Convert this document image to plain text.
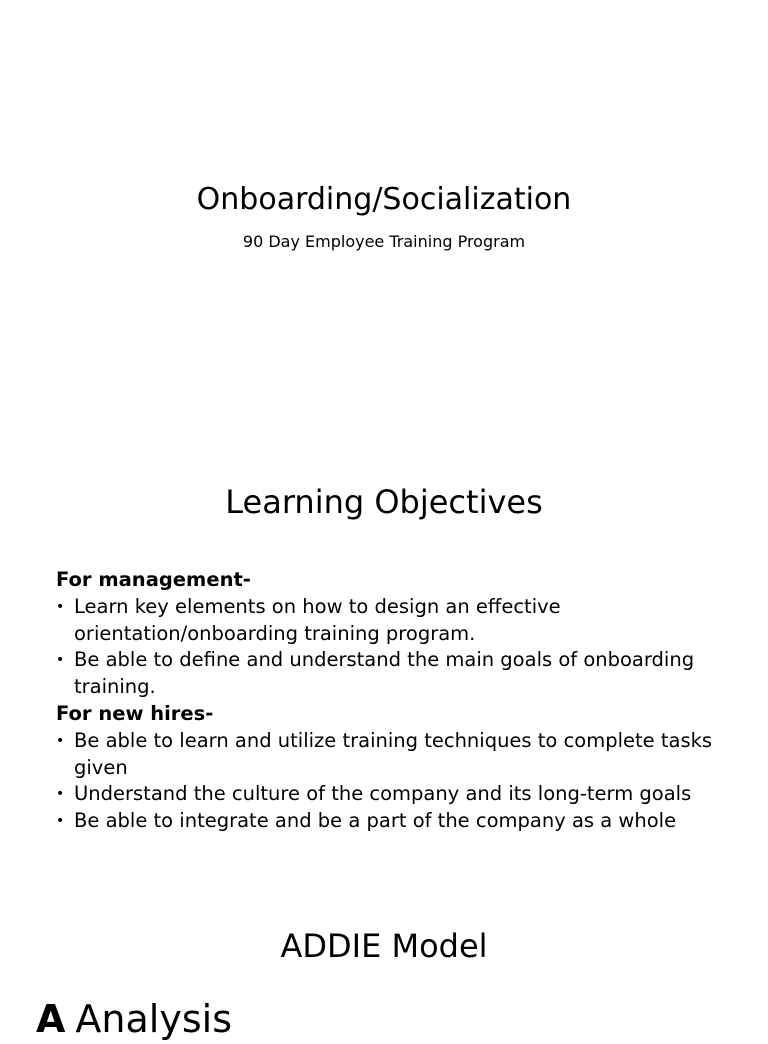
Onboarding/Socialization
90 Day Employee Training Program
Learning Objectives

For management-

• Learn key elements on how to design an effective orientation/onboarding training program.
• Be able to define and understand the main goals of onboarding training.

For new hires-

• Be able to learn and utilize training techniques to complete tasks given
• Understand the culture of the company and its long-term goals
• Be able to integrate and be a part of the company as a whole
ADDIE Model
A Analysis
